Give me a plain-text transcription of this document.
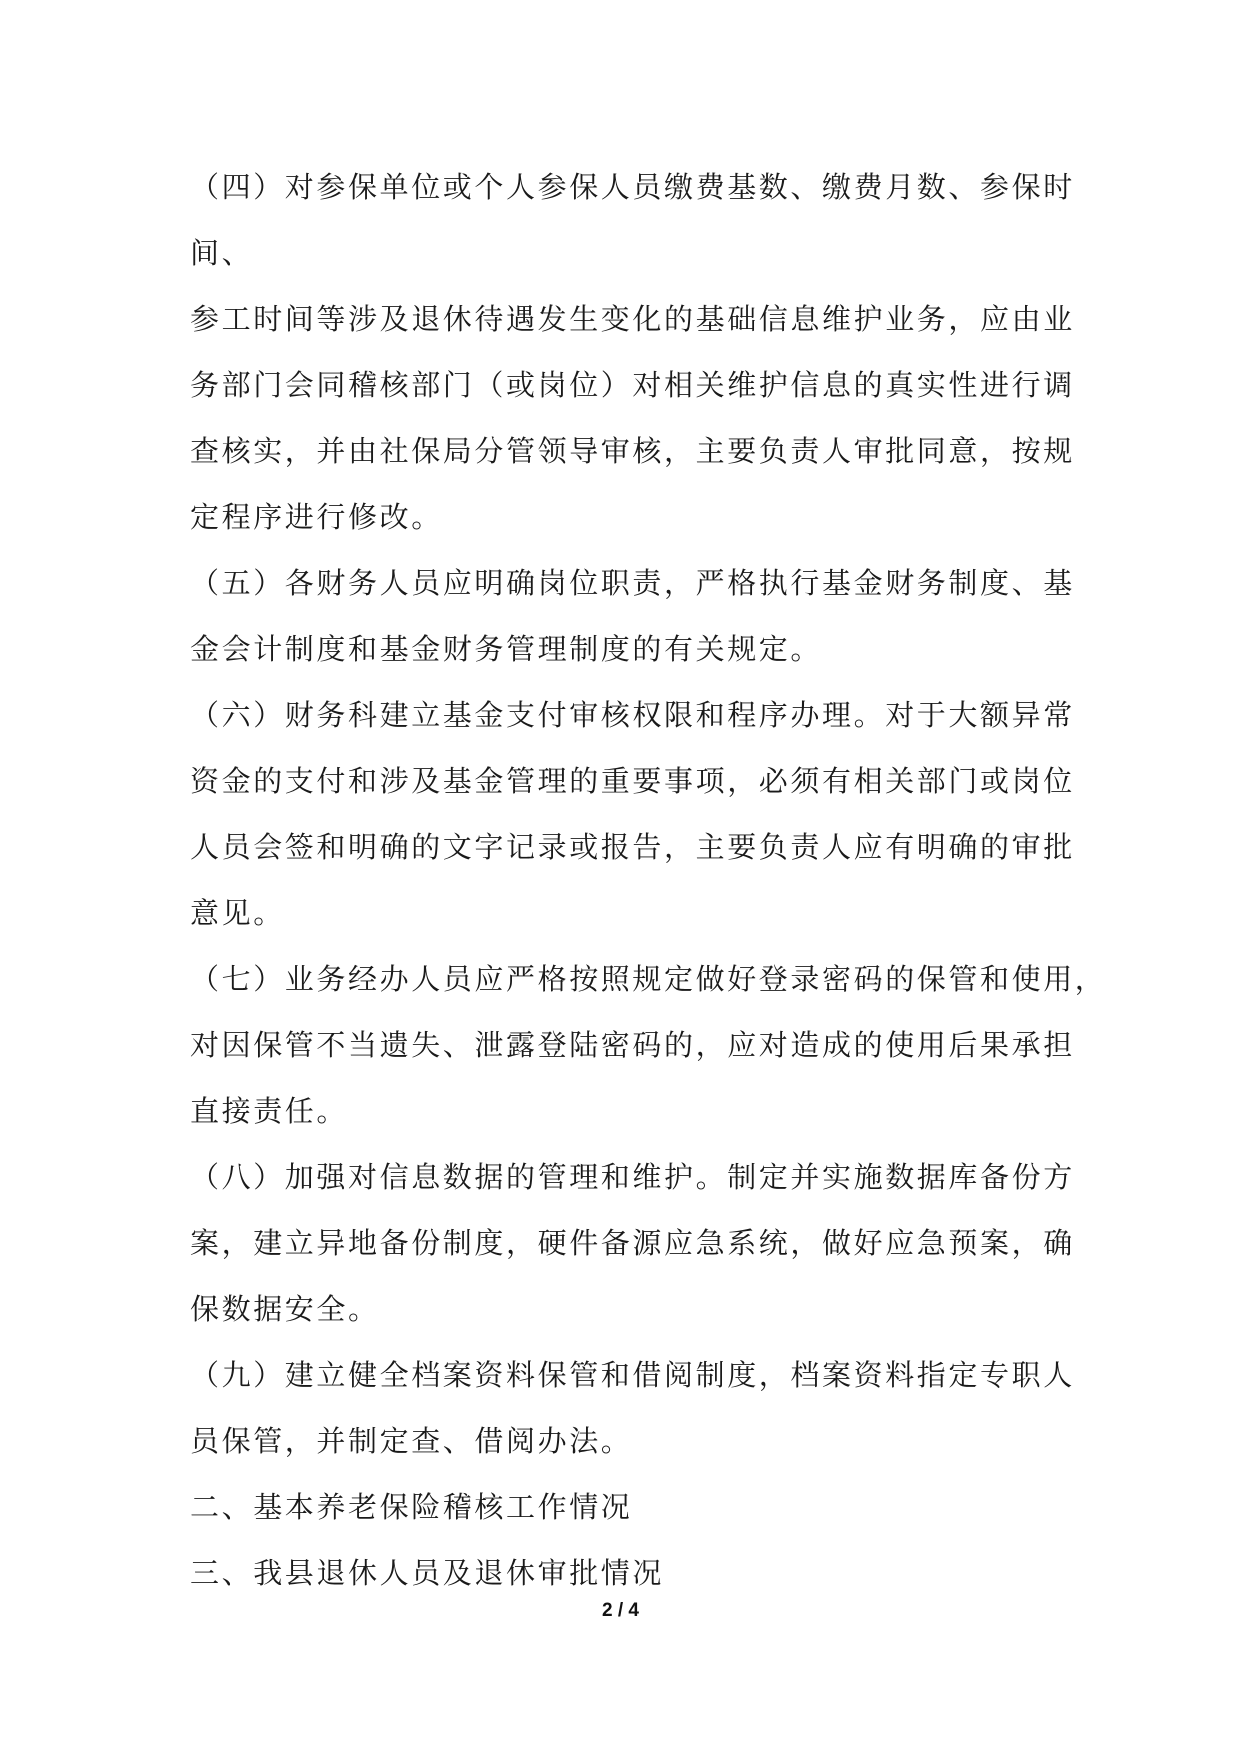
（四）对参保单位或个人参保人员缴费基数、缴费月数、参保时
间、
参工时间等涉及退休待遇发生变化的基础信息维护业务，应由业
务部门会同稽核部门（或岗位）对相关维护信息的真实性进行调
查核实，并由社保局分管领导审核，主要负责人审批同意，按规
定程序进行修改。
（五）各财务人员应明确岗位职责，严格执行基金财务制度、基
金会计制度和基金财务管理制度的有关规定。
（六）财务科建立基金支付审核权限和程序办理。对于大额异常
资金的支付和涉及基金管理的重要事项，必须有相关部门或岗位
人员会签和明确的文字记录或报告，主要负责人应有明确的审批
意见。
（七）业务经办人员应严格按照规定做好登录密码的保管和使用，
对因保管不当遗失、泄露登陆密码的，应对造成的使用后果承担
直接责任。
（八）加强对信息数据的管理和维护。制定并实施数据库备份方
案，建立异地备份制度，硬件备源应急系统，做好应急预案，确
保数据安全。
（九）建立健全档案资料保管和借阅制度，档案资料指定专职人
员保管，并制定查、借阅办法。
二、基本养老保险稽核工作情况
三、我县退休人员及退休审批情况
2 / 4
